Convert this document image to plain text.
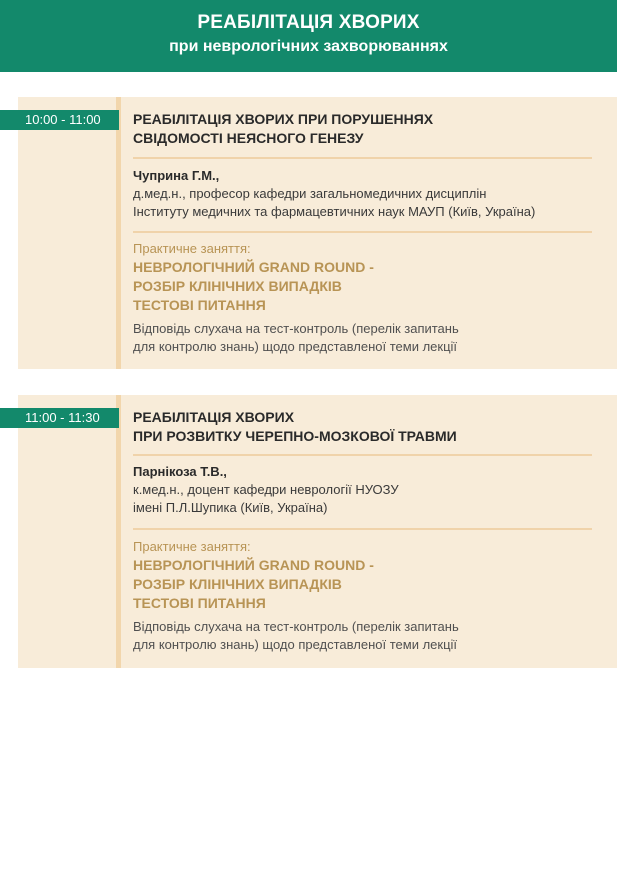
РЕАБІЛІТАЦІЯ ХВОРИХ
при неврологічних захворюваннях
10:00 - 11:00	РЕАБІЛІТАЦІЯ ХВОРИХ ПРИ ПОРУШЕННЯХ
СВІДОМОСТІ НЕЯСНОГО ГЕНЕЗУ
Чуприна Г.М.,
д.мед.н., професор кафедри загальномедичних дисциплін
Інституту медичних та фармацевтичних наук МАУП (Київ, Україна)
Практичне заняття:
НЕВРОЛОГІЧНИЙ GRAND ROUND -
РОЗБІР КЛІНІЧНИХ ВИПАДКІВ
ТЕСТОВІ ПИТАННЯ
Відповідь слухача на тест-контроль (перелік запитань
для контролю знань) щодо представленої теми лекції
11:00 - 11:30	РЕАБІЛІТАЦІЯ ХВОРИХ
ПРИ РОЗВИТКУ ЧЕРЕПНО-МОЗКОВОЇ ТРАВМИ
Парнікоза Т.В.,
к.мед.н., доцент кафедри неврології НУОЗУ
імені П.Л.Шупика (Київ, Україна)
Практичне заняття:
НЕВРОЛОГІЧНИЙ GRAND ROUND -
РОЗБІР КЛІНІЧНИХ ВИПАДКІВ
ТЕСТОВІ ПИТАННЯ
Відповідь слухача на тест-контроль (перелік запитань
для контролю знань) щодо представленої теми лекції
